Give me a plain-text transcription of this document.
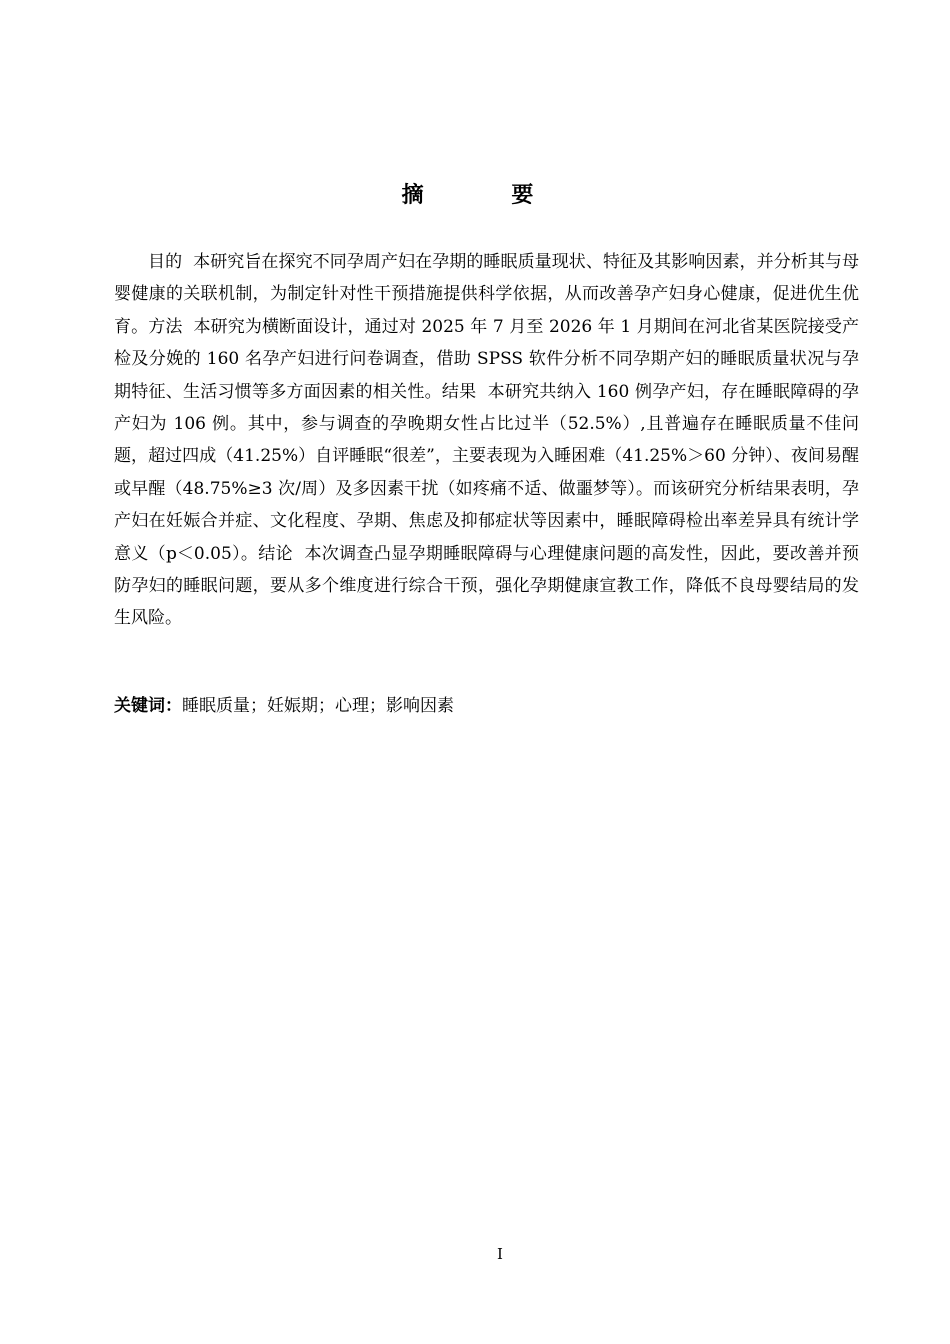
摘 要
目的 本研究旨在探究不同孕周产妇在孕期的睡眠质量现状、特征及其影响因素，并分析其与母婴健康的关联机制，为制定针对性干预措施提供科学依据，从而改善孕产妇身心健康，促进优生优育。方法 本研究为横断面设计，通过对 2025 年 7 月至 2026 年 1 月期间在河北省某医院接受产检及分娩的 160 名孕产妇进行问卷调查，借助 SPSS 软件分析不同孕期产妇的睡眠质量状况与孕期特征、生活习惯等多方面因素的相关性。结果 本研究共纳入 160 例孕产妇，存在睡眠障碍的孕产妇为 106 例。其中，参与调查的孕晚期女性占比过半（52.5%）,且普遍存在睡眠质量不佳问题，超过四成（41.25%）自评睡眠“很差”，主要表现为入睡困难（41.25%＞60 分钟）、夜间易醒或早醒（48.75%≥3 次/周）及多因素干扰（如疼痛不适、做噩梦等）。而该研究分析结果表明，孕产妇在妊娠合并症、文化程度、孕期、焦虑及抑郁症状等因素中，睡眠障碍检出率差异具有统计学意义（p＜0.05）。结论 本次调查凸显孕期睡眠障碍与心理健康问题的高发性，因此，要改善并预防孕妇的睡眠问题，要从多个维度进行综合干预，强化孕期健康宣教工作，降低不良母婴结局的发生风险。
关键词：睡眠质量；妊娠期；心理；影响因素
I
